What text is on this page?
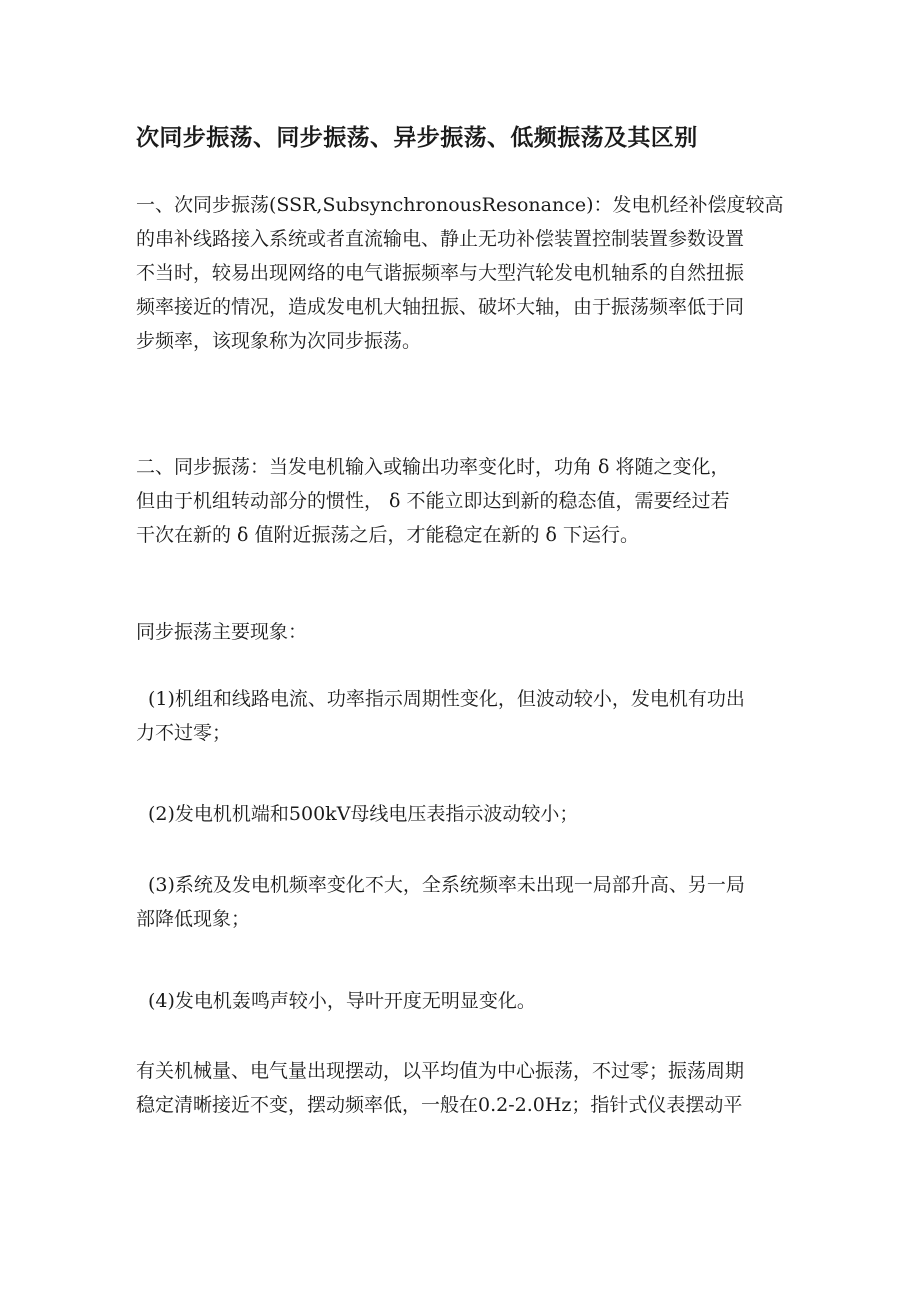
次同步振荡、同步振荡、异步振荡、低频振荡及其区别

一、次同步振荡(SSR,SubsynchronousResonance)：发电机经补偿度较高
的串补线路接入系统或者直流输电、静止无功补偿装置控制装置参数设置
不当时，较易出现网络的电气谐振频率与大型汽轮发电机轴系的自然扭振
频率接近的情况，造成发电机大轴扭振、破坏大轴，由于振荡频率低于同
步频率，该现象称为次同步振荡。

二、同步振荡：当发电机输入或输出功率变化时，功角 δ 将随之变化，
但由于机组转动部分的惯性， δ 不能立即达到新的稳态值，需要经过若
干次在新的 δ 值附近振荡之后，才能稳定在新的 δ 下运行。

同步振荡主要现象：

(1)机组和线路电流、功率指示周期性变化，但波动较小，发电机有功出
力不过零；

(2)发电机机端和500kV母线电压表指示波动较小；

(3)系统及发电机频率变化不大，全系统频率未出现一局部升高、另一局
部降低现象；

(4)发电机轰鸣声较小，导叶开度无明显变化。

有关机械量、电气量出现摆动，以平均值为中心振荡，不过零；振荡周期
稳定清晰接近不变，摆动频率低，一般在0.2-2.0Hz；指针式仪表摆动平
